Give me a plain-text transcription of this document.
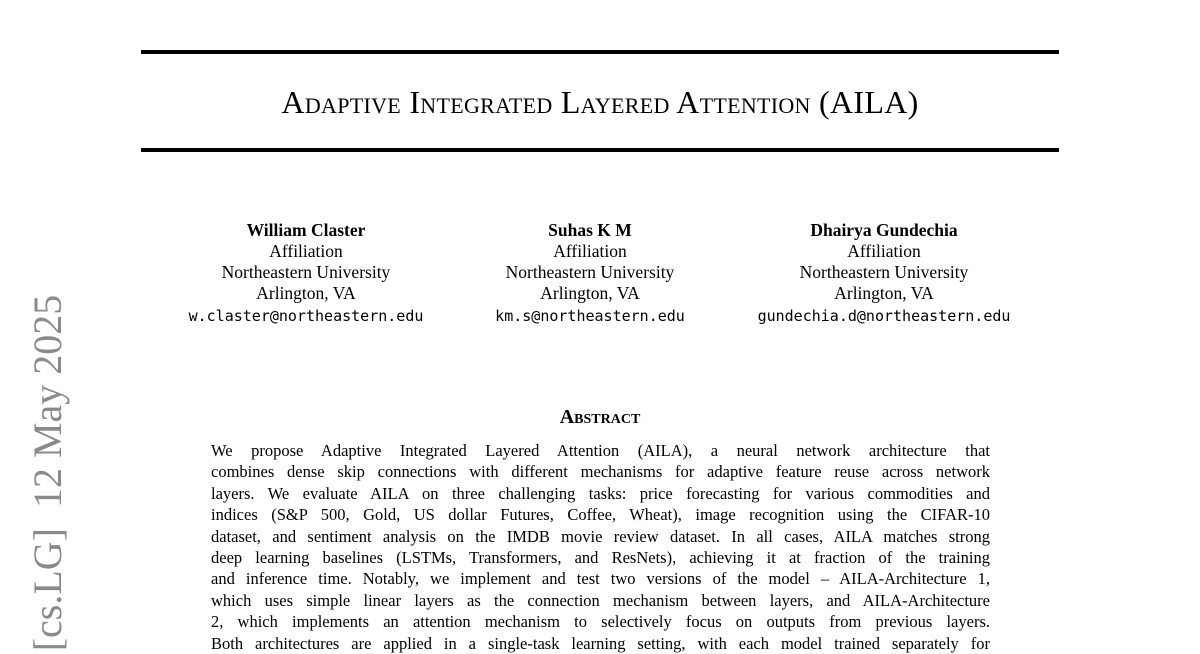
Adaptive Integrated Layered Attention (AILA)
William Claster
Affiliation
Northeastern University
Arlington, VA
w.claster@northeastern.edu
Suhas K M
Affiliation
Northeastern University
Arlington, VA
km.s@northeastern.edu
Dhairya Gundechia
Affiliation
Northeastern University
Arlington, VA
gundechia.d@northeastern.edu
Abstract
We propose Adaptive Integrated Layered Attention (AILA), a neural network architecture that
combines dense skip connections with different mechanisms for adaptive feature reuse across network
layers. We evaluate AILA on three challenging tasks: price forecasting for various commodities and
indices (S&P 500, Gold, US dollar Futures, Coffee, Wheat), image recognition using the CIFAR-10
dataset, and sentiment analysis on the IMDB movie review dataset. In all cases, AILA matches strong
deep learning baselines (LSTMs, Transformers, and ResNets), achieving it at fraction of the training
and inference time. Notably, we implement and test two versions of the model – AILA-Architecture 1,
which uses simple linear layers as the connection mechanism between layers, and AILA-Architecture
2, which implements an attention mechanism to selectively focus on outputs from previous layers.
Both architectures are applied in a single-task learning setting, with each model trained separately for
[cs.LG]  12 May 2025
